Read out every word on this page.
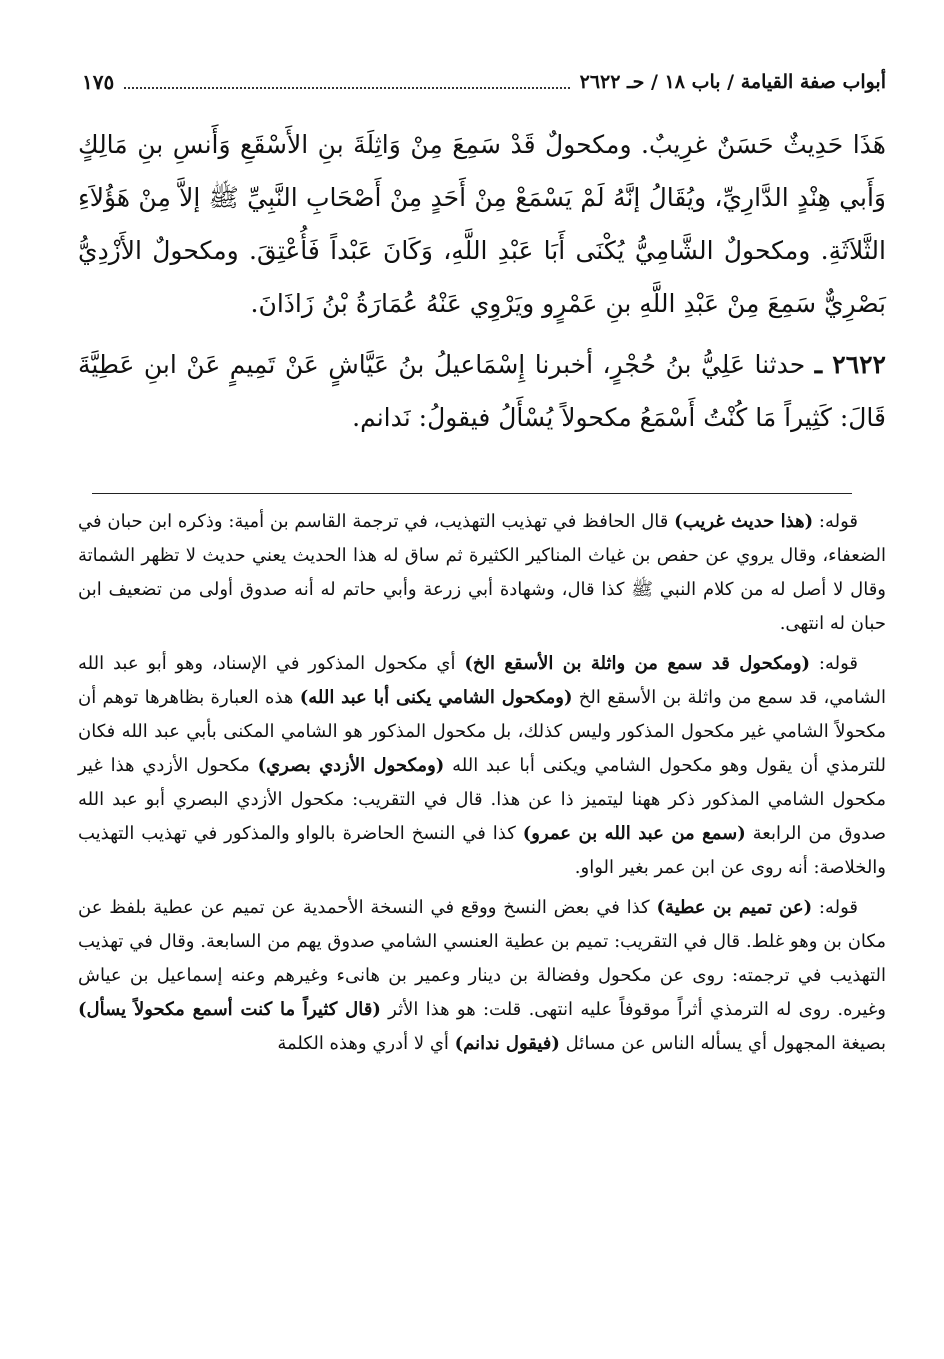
أبواب صفة القيامة / باب ١٨ / حـ ٢٦٢٢
١٧٥

هَذَا حَدِيثٌ حَسَنٌ غرِيبٌ. ومكحولٌ قَدْ سَمِعَ مِنْ وَاثِلَةَ بنِ الأَسْقَعِ وَأَنسِ بنِ مَالِكٍ وَأَبي هِنْدٍ الدَّارِيِّ، ويُقَالُ إنَّهُ لَمْ يَسْمَعْ مِنْ أَحَدٍ مِنْ أَصْحَابِ النَّبِيِّ ﷺ إلاَّ مِنْ هَؤُلاَءِ الثَّلاَثَةِ. ومكحولٌ الشَّامِيُّ يُكْنَى أَبَا عَبْدِ اللَّهِ، وَكَانَ عَبْداً فَأُعْتِقَ. ومكحولٌ الأَزْدِيُّ بَصْرِيٌّ سَمِعَ مِنْ عَبْدِ اللَّهِ بنِ عَمْرٍو ويَرْوِي عَنْهُ عُمَارَةُ بْنُ زَاذَانَ.

٢٦٢٢ ـ حدثنا عَلِيُّ بنُ حُجْرٍ، أخبرنا إِسْمَاعيلُ بنُ عَيَّاشٍ عَنْ تَمِيمٍ عَنْ ابنِ عَطِيَّةَ قَالَ: كَثِيراً مَا كُنْتُ أَسْمَعُ مكحولاً يُسْأَلُ فيقولُ: نَدانم.

قوله: (هذا حديث غريب) قال الحافظ في تهذيب التهذيب، في ترجمة القاسم بن أمية: وذكره ابن حبان في الضعفاء، وقال يروي عن حفص بن غياث المناكير الكثيرة ثم ساق له هذا الحديث يعني حديث لا تظهر الشماتة وقال لا أصل له من كلام النبي ﷺ كذا قال، وشهادة أبي زرعة وأبي حاتم له أنه صدوق أولى من تضعيف ابن حبان له انتهى.

قوله: (ومكحول قد سمع من واثلة بن الأسقع الخ) أي مكحول المذكور في الإسناد، وهو أبو عبد الله الشامي، قد سمع من واثلة بن الأسقع الخ (ومكحول الشامي يكنى أبا عبد الله) هذه العبارة بظاهرها توهم أن مكحولاً الشامي غير مكحول المذكور وليس كذلك، بل مكحول المذكور هو الشامي المكنى بأبي عبد الله فكان للترمذي أن يقول وهو مكحول الشامي ويكنى أبا عبد الله (ومكحول الأزدي بصري) مكحول الأزدي هذا غير مكحول الشامي المذكور ذكر ههنا ليتميز ذا عن هذا. قال في التقريب: مكحول الأزدي البصري أبو عبد الله صدوق من الرابعة (سمع من عبد الله بن عمرو) كذا في النسخ الحاضرة بالواو والمذكور في تهذيب التهذيب والخلاصة: أنه روى عن ابن عمر بغير الواو.

قوله: (عن تميم بن عطية) كذا في بعض النسخ ووقع في النسخة الأحمدية عن تميم عن عطية بلفظ عن مكان بن وهو غلط. قال في التقريب: تميم بن عطية العنسي الشامي صدوق يهم من السابعة. وقال في تهذيب التهذيب في ترجمته: روى عن مكحول وفضالة بن دينار وعمير بن هانىء وغيرهم وعنه إسماعيل بن عياش وغيره. روى له الترمذي أثراً موقوفاً عليه انتهى. قلت: هو هذا الأثر (قال كثيراً ما كنت أسمع مكحولاً يسأل) بصيغة المجهول أي يسأله الناس عن مسائل (فيقول ندانم) أي لا أدري وهذه الكلمة
